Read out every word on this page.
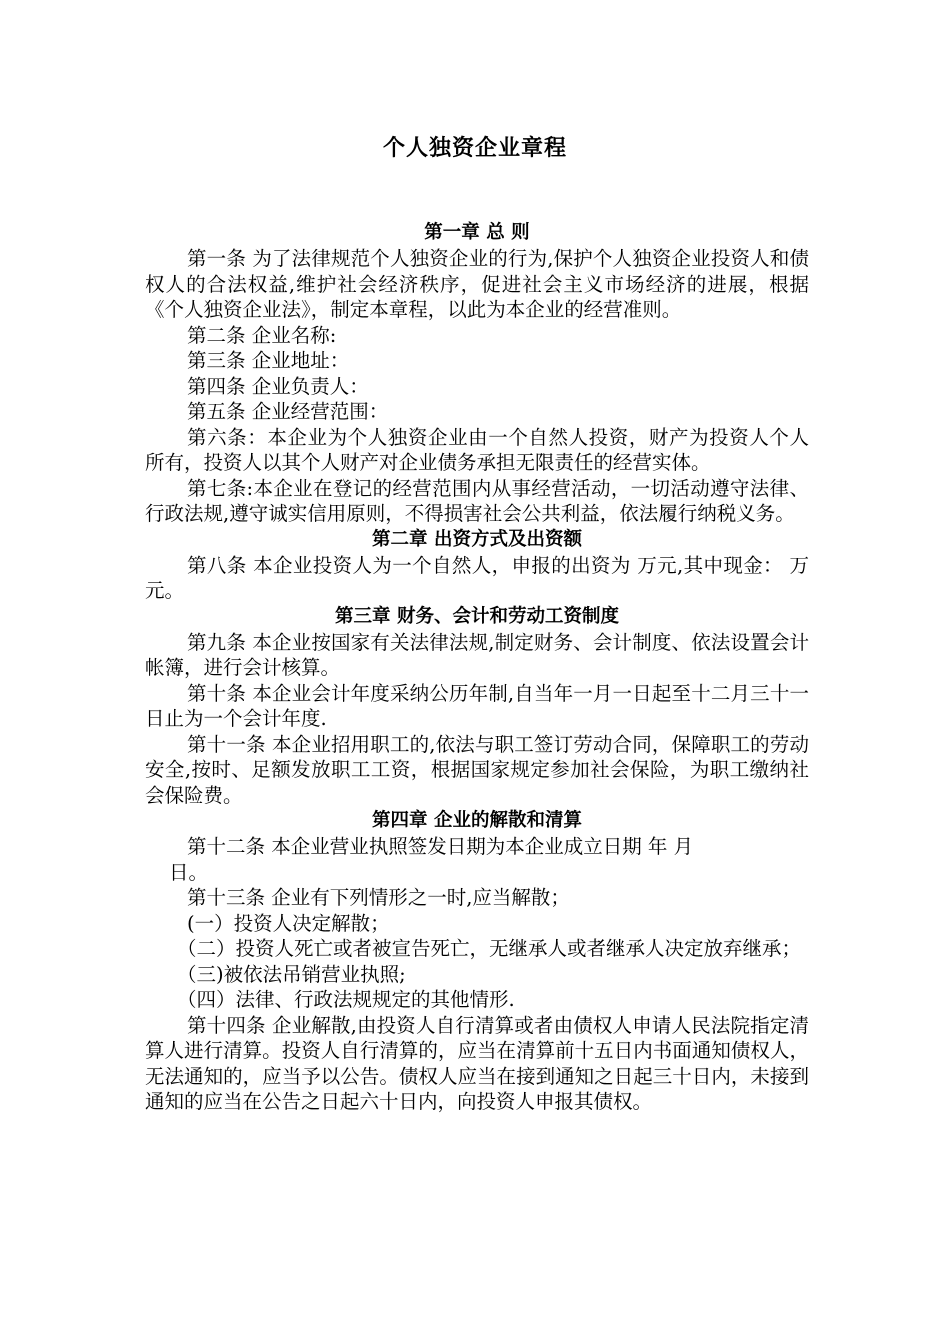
个人独资企业章程
第一章 总 则

第一条 为了法律规范个人独资企业的行为,保护个人独资企业投资人和债权人的合法权益,维护社会经济秩序，促进社会主义市场经济的进展，根据《个人独资企业法》，制定本章程，以此为本企业的经营准则。

第二条 企业名称:

第三条 企业地址：

第四条 企业负责人：

第五条 企业经营范围：

第六条：本企业为个人独资企业由一个自然人投资，财产为投资人个人所有，投资人以其个人财产对企业债务承担无限责任的经营实体。

第七条:本企业在登记的经营范围内从事经营活动，一切活动遵守法律、行政法规,遵守诚实信用原则，不得损害社会公共利益，依法履行纳税义务。

第二章 出资方式及出资额

第八条 本企业投资人为一个自然人，申报的出资为 万元,其中现金： 万元。

第三章 财务、会计和劳动工资制度

第九条 本企业按国家有关法律法规,制定财务、会计制度、依法设置会计帐簿，进行会计核算。

第十条 本企业会计年度采纳公历年制,自当年一月一日起至十二月三十一日止为一个会计年度.

第十一条 本企业招用职工的,依法与职工签订劳动合同，保障职工的劳动安全,按时、足额发放职工工资，根据国家规定参加社会保险，为职工缴纳社会保险费。

第四章 企业的解散和清算

第十二条 本企业营业执照签发日期为本企业成立日期 年 月
日。

第十三条 企业有下列情形之一时,应当解散；

(一）投资人决定解散；

（二）投资人死亡或者被宣告死亡，无继承人或者继承人决定放弃继承；

（三)被依法吊销营业执照;

（四）法律、行政法规规定的其他情形.

第十四条 企业解散,由投资人自行清算或者由债权人申请人民法院指定清算人进行清算。投资人自行清算的，应当在清算前十五日内书面通知债权人，无法通知的，应当予以公告。债权人应当在接到通知之日起三十日内，未接到通知的应当在公告之日起六十日内，向投资人申报其债权。
